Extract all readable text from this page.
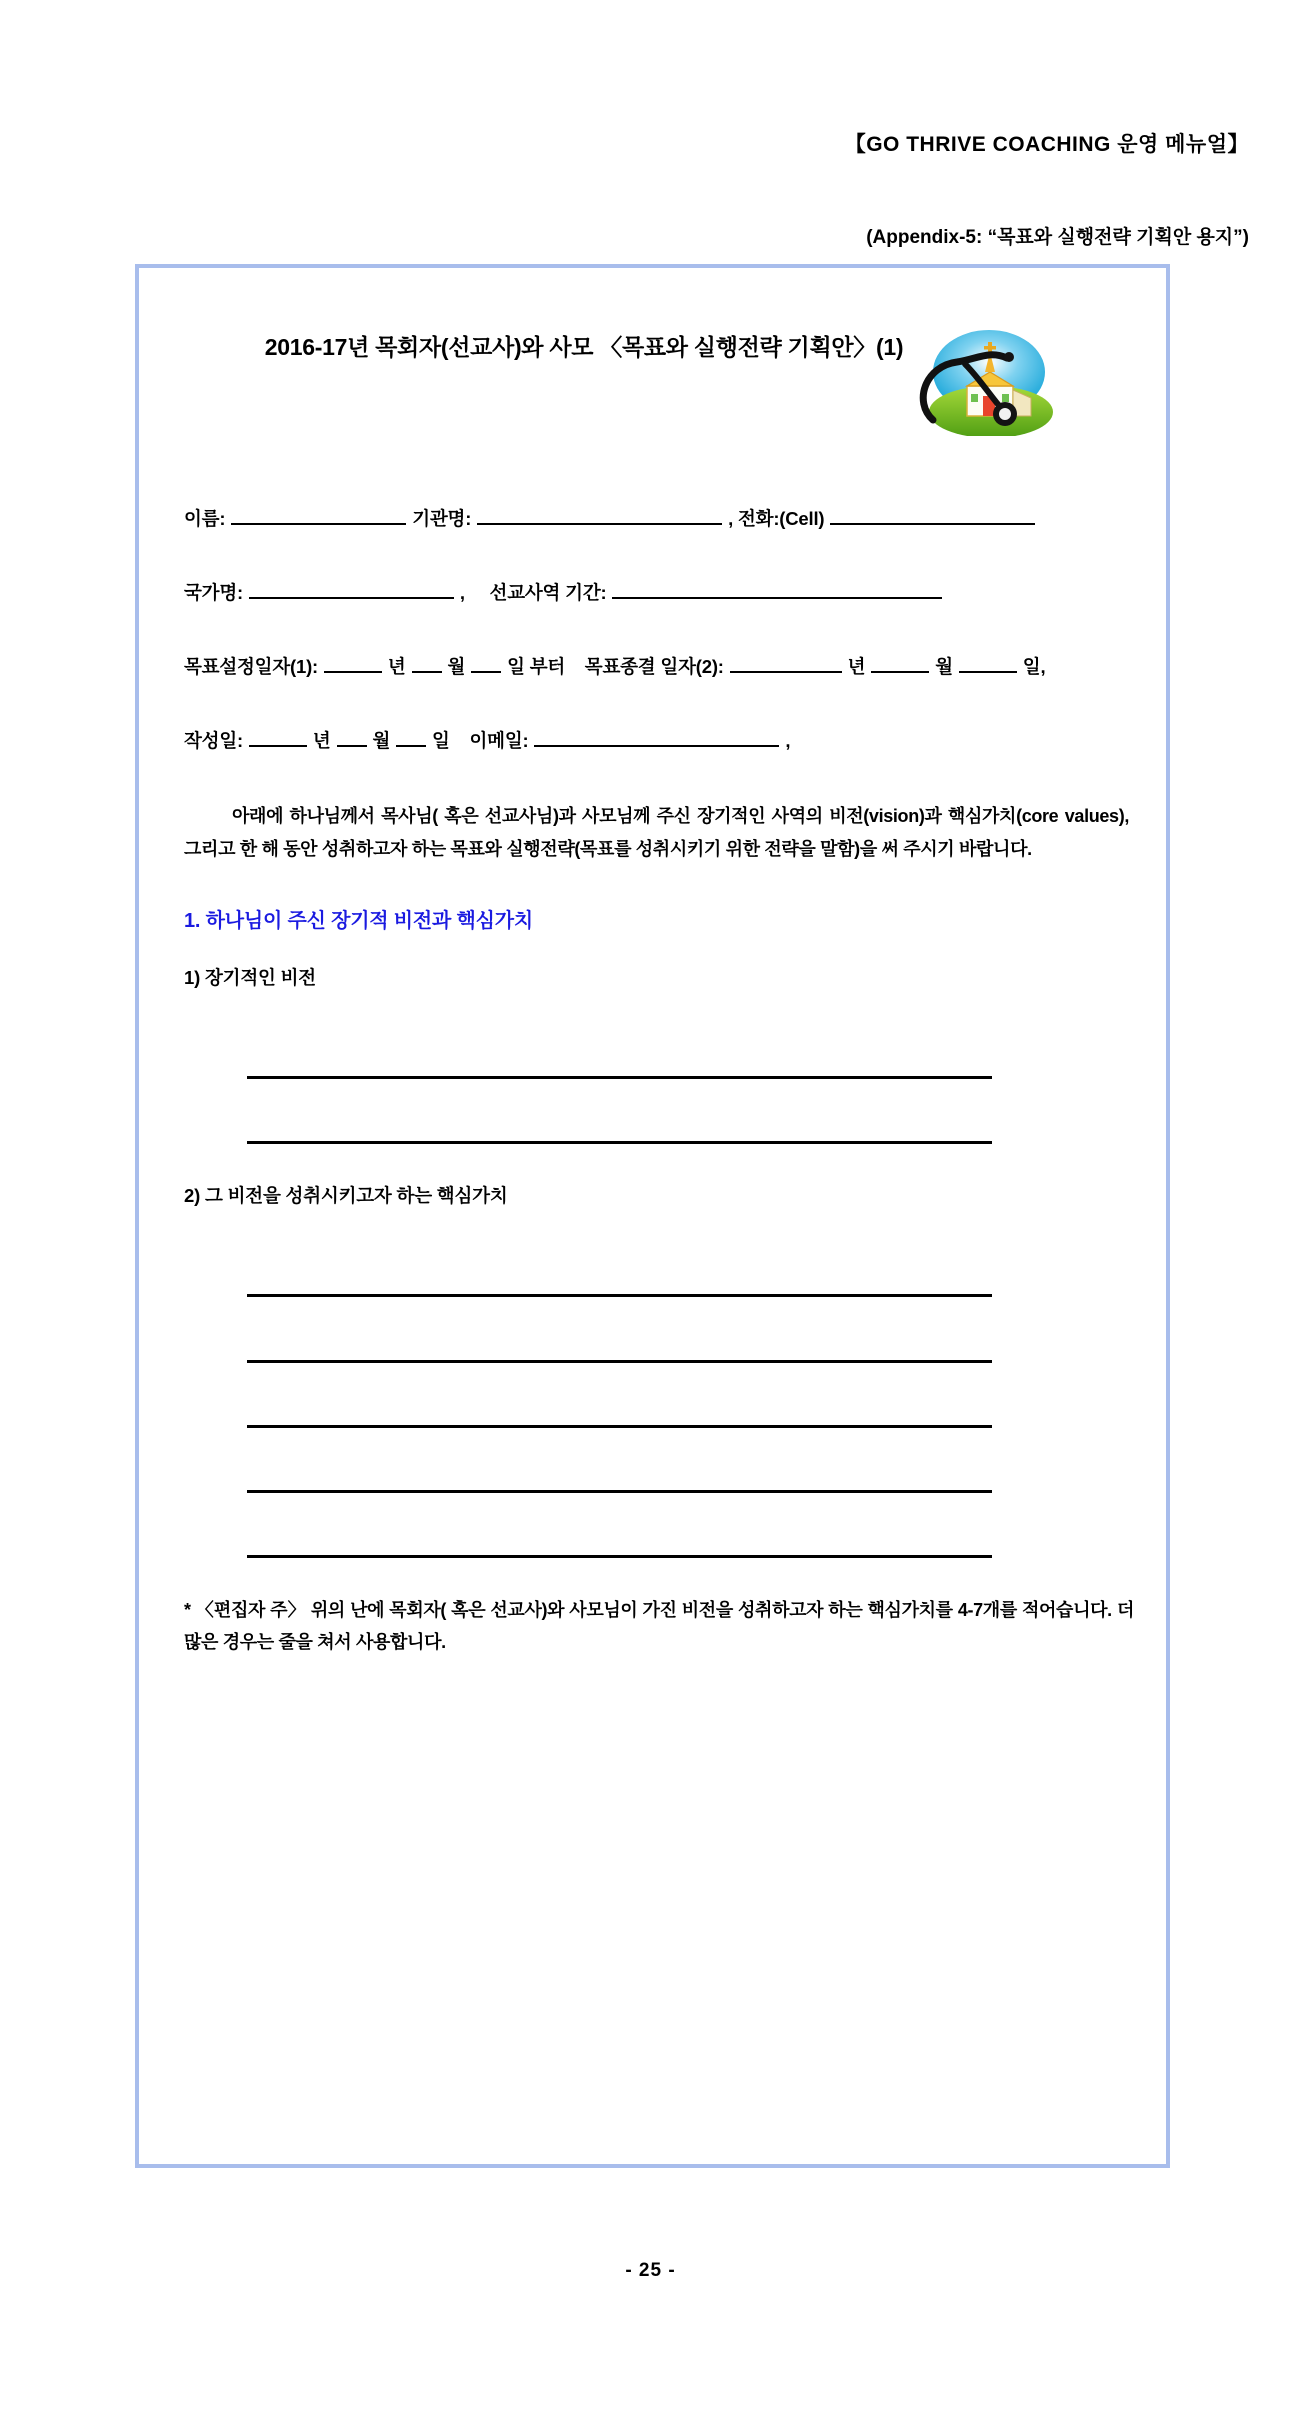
【GO THRIVE COACHING 운영 메뉴얼】
(Appendix-5: “목표와 실행전략 기획안 용지”)
2016-17년 목회자(선교사)와 사모 〈목표와 실행전략 기획안〉(1)
이름:	기관명:	, 전화:(Cell)
국가명:	, 선교사역 기간:
목표설정일자(1):	년 월 일 부터 목표종결 일자(2):	년	월	일,
작성일:	년 월 일 이메일:	,
아래에 하나님께서 목사님( 혹은 선교사님)과 사모님께 주신 장기적인 사역의 비전(vision)과 핵심가치(core values), 그리고 한 해 동안 성취하고자 하는 목표와 실행전략(목표를 성취시키기 위한 전략을 말함)을 써 주시기 바랍니다.
1. 하나님이 주신 장기적 비전과 핵심가치
1) 장기적인 비전
2) 그 비전을 성취시키고자 하는 핵심가치
* 〈편집자 주〉 위의 난에 목회자( 혹은 선교사)와 사모님이 가진 비전을 성취하고자 하는 핵심가치를 4-7개를 적어습니다. 더 많은 경우는 줄을 쳐서 사용합니다.
- 25 -
